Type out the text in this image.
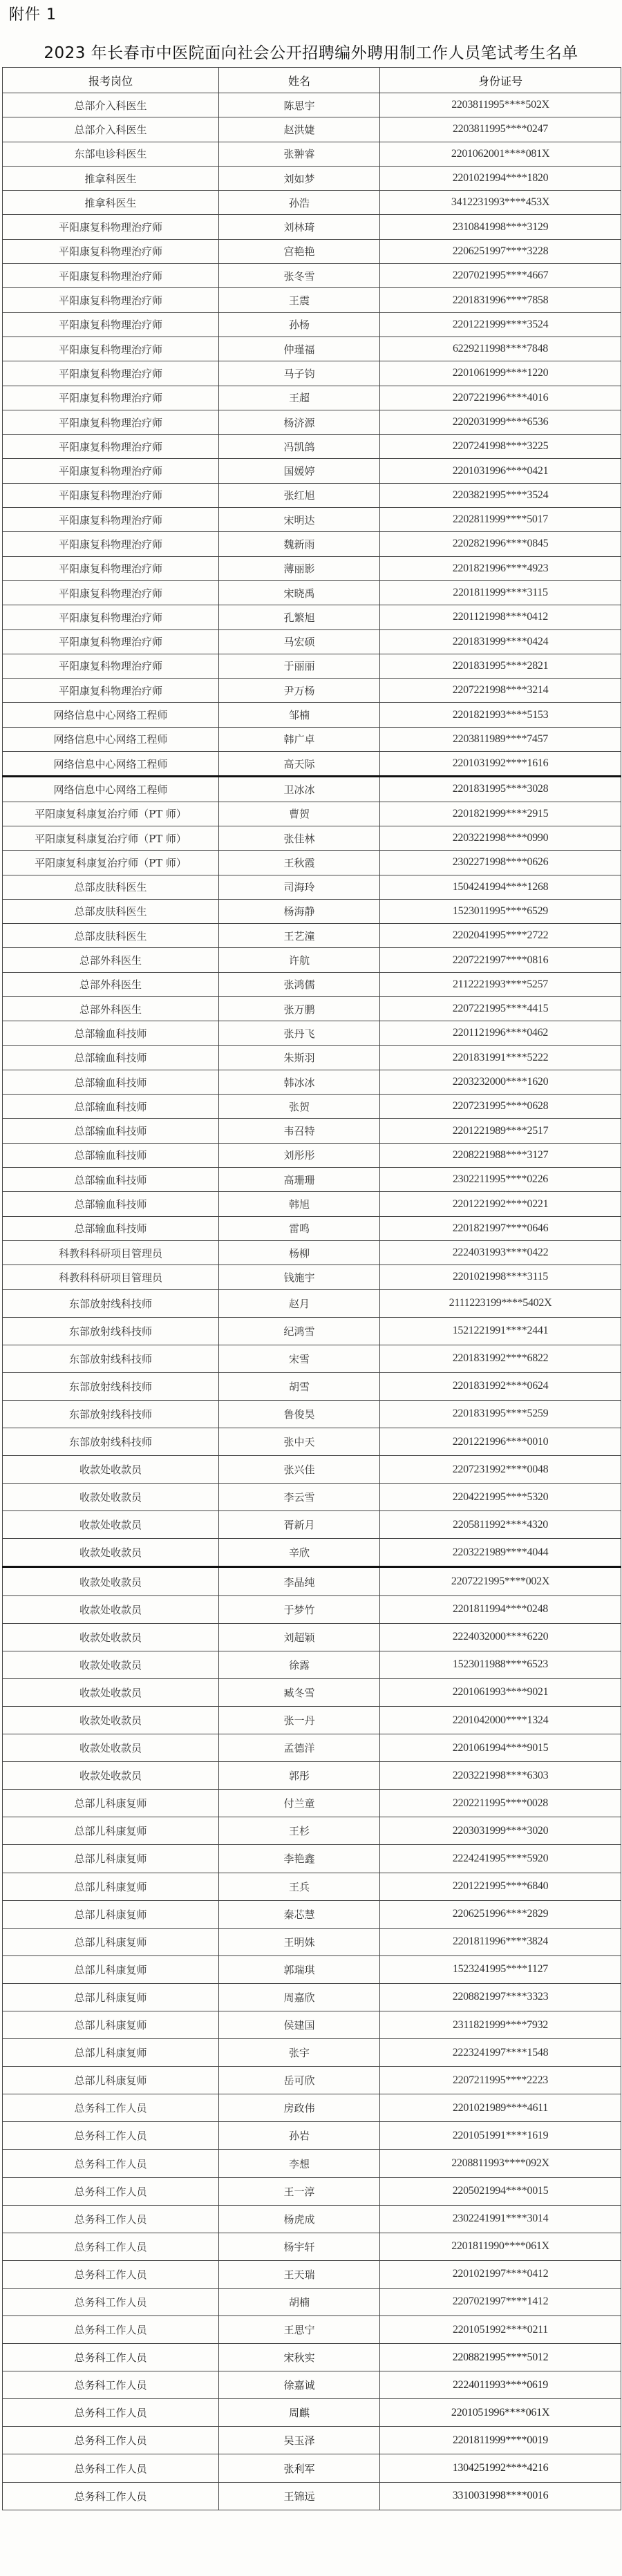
附件 1
2023 年长春市中医院面向社会公开招聘编外聘用制工作人员笔试考生名单
报考岗位	姓名	身份证号
总部介入科医生	陈思宇	2203811995****502X
总部介入科医生	赵洪婕	2203811995****0247
东部电诊科医生	张翀睿	2201062001****081X
推拿科医生	刘如梦	2201021994****1820
推拿科医生	孙浩	3412231993****453X
平阳康复科物理治疗师	刘林琦	2310841998****3129
平阳康复科物理治疗师	宫艳艳	2206251997****3228
平阳康复科物理治疗师	张冬雪	2207021995****4667
平阳康复科物理治疗师	王震	2201831996****7858
平阳康复科物理治疗师	孙杨	2201221999****3524
平阳康复科物理治疗师	仲瑾福	6229211998****7848
平阳康复科物理治疗师	马子钧	2201061999****1220
平阳康复科物理治疗师	王超	2207221996****4016
平阳康复科物理治疗师	杨济源	2202031999****6536
平阳康复科物理治疗师	冯凯鸽	2207241998****3225
平阳康复科物理治疗师	国媛婷	2201031996****0421
平阳康复科物理治疗师	张红旭	2203821995****3524
平阳康复科物理治疗师	宋明达	2202811999****5017
平阳康复科物理治疗师	魏新雨	2202821996****0845
平阳康复科物理治疗师	薄丽影	2201821996****4923
平阳康复科物理治疗师	宋晓禹	2201811999****3115
平阳康复科物理治疗师	孔繁旭	2201121998****0412
平阳康复科物理治疗师	马宏硕	2201831999****0424
平阳康复科物理治疗师	于丽丽	2201831995****2821
平阳康复科物理治疗师	尹万杨	2207221998****3214
网络信息中心网络工程师	邹楠	2201821993****5153
网络信息中心网络工程师	韩广卓	2203811989****7457
网络信息中心网络工程师	高天际	2201031992****1616
网络信息中心网络工程师	卫冰冰	2201831995****3028
平阳康复科康复治疗师（PT 师）	曹贺	2201821999****2915
平阳康复科康复治疗师（PT 师）	张佳林	2203221998****0990
平阳康复科康复治疗师（PT 师）	王秋霞	2302271998****0626
总部皮肤科医生	司海玲	1504241994****1268
总部皮肤科医生	杨海静	1523011995****6529
总部皮肤科医生	王艺潼	2202041995****2722
总部外科医生	许航	2207221997****0816
总部外科医生	张鸿儒	2112221993****5257
总部外科医生	张万鹏	2207221995****4415
总部输血科技师	张丹飞	2201121996****0462
总部输血科技师	朱斯羽	2201831991****5222
总部输血科技师	韩冰冰	2203232000****1620
总部输血科技师	张贺	2207231995****0628
总部输血科技师	韦召特	2201221989****2517
总部输血科技师	刘彤彤	2208221988****3127
总部输血科技师	高珊珊	2302211995****0226
总部输血科技师	韩旭	2201221992****0221
总部输血科技师	雷鸣	2201821997****0646
科教科科研项目管理员	杨柳	2224031993****0422
科教科科研项目管理员	钱施宇	2201021998****3115
东部放射线科技师	赵月	2111223199****5402X
东部放射线科技师	纪鸿雪	1521221991****2441
东部放射线科技师	宋雪	2201831992****6822
东部放射线科技师	胡雪	2201831992****0624
东部放射线科技师	鲁俊昊	2201831995****5259
东部放射线科技师	张中天	2201221996****0010
收款处收款员	张兴佳	2207231992****0048
收款处收款员	李云雪	2204221995****5320
收款处收款员	胥新月	2205811992****4320
收款处收款员	辛欣	2203221989****4044
收款处收款员	李晶纯	2207221995****002X
收款处收款员	于梦竹	2201811994****0248
收款处收款员	刘超颖	2224032000****6220
收款处收款员	徐露	1523011988****6523
收款处收款员	臧冬雪	2201061993****9021
收款处收款员	张一丹	2201042000****1324
收款处收款员	孟德洋	2201061994****9015
收款处收款员	郭彤	2203221998****6303
总部儿科康复师	付兰童	2202211995****0028
总部儿科康复师	王杉	2203031999****3020
总部儿科康复师	李艳鑫	2224241995****5920
总部儿科康复师	王兵	2201221995****6840
总部儿科康复师	秦芯慧	2206251996****2829
总部儿科康复师	王明姝	2201811996****3824
总部儿科康复师	郭瑞琪	1523241995****1127
总部儿科康复师	周嘉欣	2208821997****3323
总部儿科康复师	侯建国	2311821999****7932
总部儿科康复师	张宇	2223241997****1548
总部儿科康复师	岳可欣	2207211995****2223
总务科工作人员	房政伟	2201021989****4611
总务科工作人员	孙岩	2201051991****1619
总务科工作人员	李想	2208811993****092X
总务科工作人员	王一淳	2205021994****0015
总务科工作人员	杨虎成	2302241991****3014
总务科工作人员	杨宇轩	2201811990****061X
总务科工作人员	王天瑞	2201021997****0412
总务科工作人员	胡楠	2207021997****1412
总务科工作人员	王思宁	2201051992****0211
总务科工作人员	宋秋实	2208821995****5012
总务科工作人员	徐嘉诚	2224011993****0619
总务科工作人员	周麒	2201051996****061X
总务科工作人员	吴玉泽	2201811999****0019
总务科工作人员	张利军	1304251992****4216
总务科工作人员	王锦远	3310031998****0016
